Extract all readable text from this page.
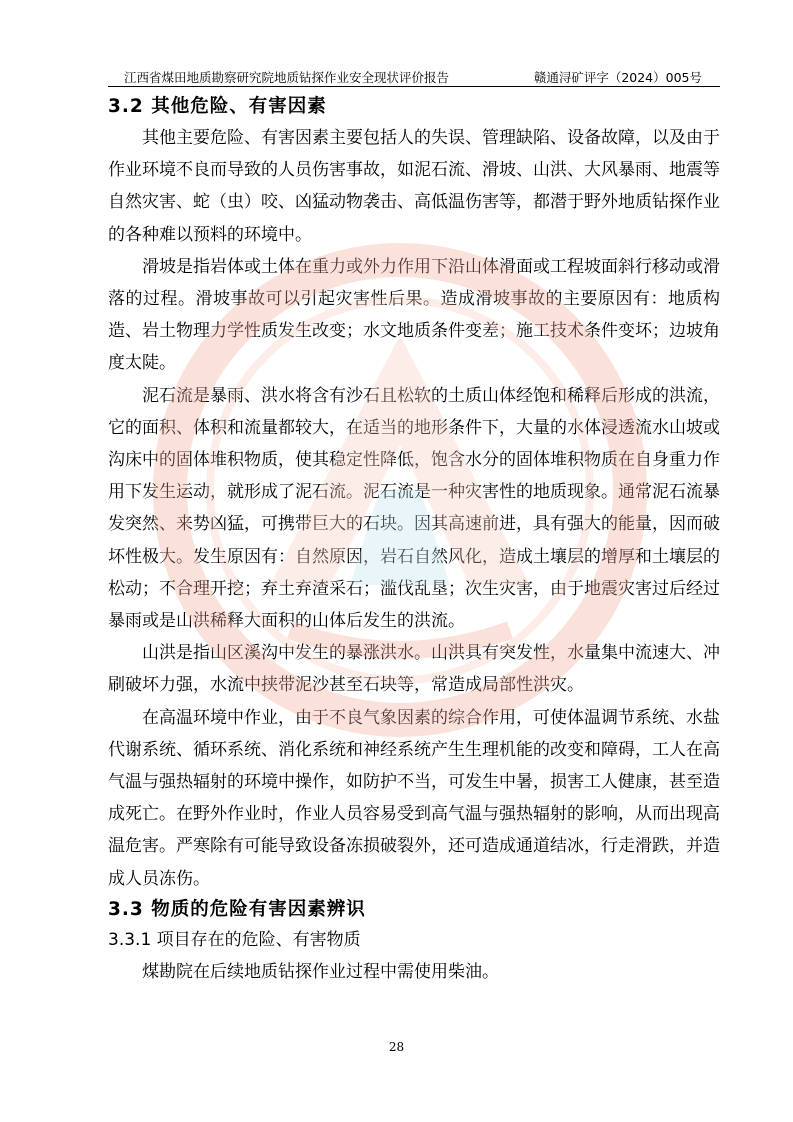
江西省煤田地质勘察研究院地质钻探作业安全现状评价报告	赣通浔矿评字（2024）005号
3.2 其他危险、有害因素

其他主要危险、有害因素主要包括人的失误、管理缺陷、设备故障，以及由于作业环境不良而导致的人员伤害事故，如泥石流、滑坡、山洪、大风暴雨、地震等自然灾害、蛇（虫）咬、凶猛动物袭击、高低温伤害等，都潜于野外地质钻探作业的各种难以预料的环境中。

滑坡是指岩体或土体在重力或外力作用下沿山体滑面或工程坡面斜行移动或滑落的过程。滑坡事故可以引起灾害性后果。造成滑坡事故的主要原因有：地质构造、岩土物理力学性质发生改变；水文地质条件变差；施工技术条件变坏；边坡角度太陡。

泥石流是暴雨、洪水将含有沙石且松软的土质山体经饱和稀释后形成的洪流，它的面积、体积和流量都较大，在适当的地形条件下，大量的水体浸透流水山坡或沟床中的固体堆积物质，使其稳定性降低，饱含水分的固体堆积物质在自身重力作用下发生运动，就形成了泥石流。泥石流是一种灾害性的地质现象。通常泥石流暴发突然、来势凶猛，可携带巨大的石块。因其高速前进，具有强大的能量，因而破坏性极大。发生原因有：自然原因，岩石自然风化，造成土壤层的增厚和土壤层的松动；不合理开挖；弃土弃渣采石；滥伐乱垦；次生灾害，由于地震灾害过后经过暴雨或是山洪稀释大面积的山体后发生的洪流。

山洪是指山区溪沟中发生的暴涨洪水。山洪具有突发性，水量集中流速大、冲刷破坏力强，水流中挟带泥沙甚至石块等，常造成局部性洪灾。

在高温环境中作业，由于不良气象因素的综合作用，可使体温调节系统、水盐代谢系统、循环系统、消化系统和神经系统产生生理机能的改变和障碍，工人在高气温与强热辐射的环境中操作，如防护不当，可发生中暑，损害工人健康，甚至造成死亡。在野外作业时，作业人员容易受到高气温与强热辐射的影响，从而出现高温危害。严寒除有可能导致设备冻损破裂外，还可造成通道结冰，行走滑跌，并造成人员冻伤。

3.3 物质的危险有害因素辨识
3.3.1 项目存在的危险、有害物质

煤勘院在后续地质钻探作业过程中需使用柴油。

28
